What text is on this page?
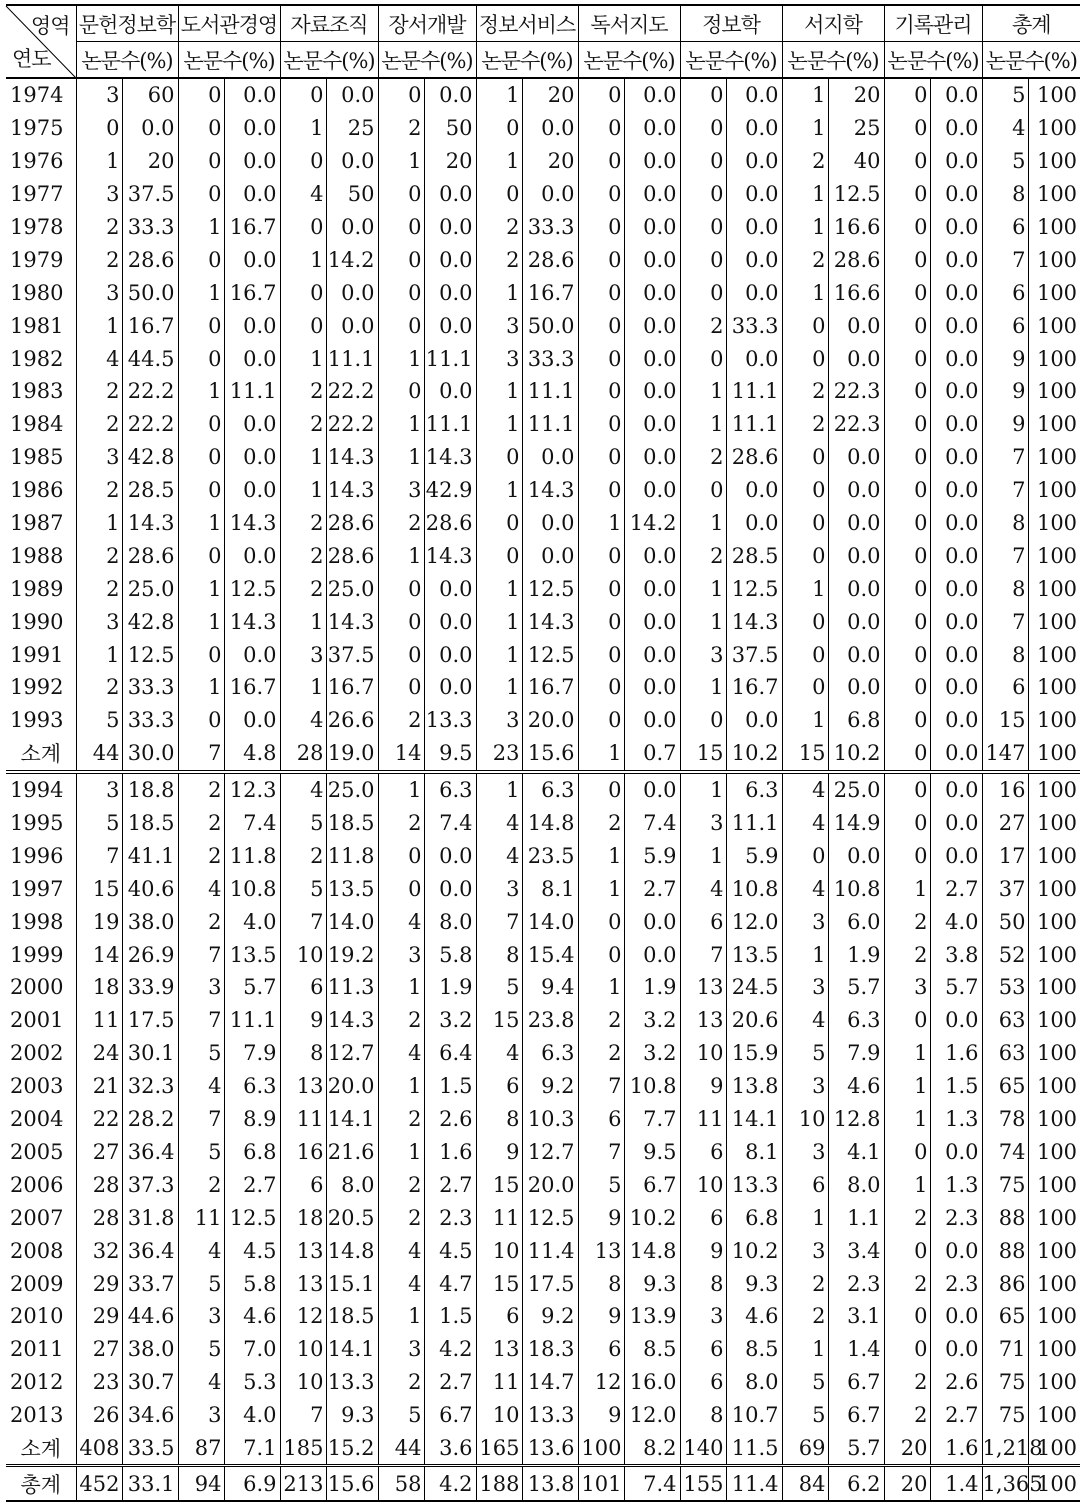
영역
연도	문헌정보학		도서관경영		자료조직		장서개발		정보서비스		독서지도		정보학		서지학		기록관리		총계	
	논문수(%)		논문수(%)		논문수(%)		논문수(%)		논문수(%)		논문수(%)		논문수(%)		논문수(%)		논문수(%)		논문수(%)	
1974	3	60	0	0.0	0	0.0	0	0.0	1	20	0	0.0	0	0.0	1	20	0	0.0	5	100
1975	0	0.0	0	0.0	1	25	2	50	0	0.0	0	0.0	0	0.0	1	25	0	0.0	4	100
1976	1	20	0	0.0	0	0.0	1	20	1	20	0	0.0	0	0.0	2	40	0	0.0	5	100
1977	3	37.5	0	0.0	4	50	0	0.0	0	0.0	0	0.0	0	0.0	1	12.5	0	0.0	8	100
1978	2	33.3	1	16.7	0	0.0	0	0.0	2	33.3	0	0.0	0	0.0	1	16.6	0	0.0	6	100
1979	2	28.6	0	0.0	1	14.2	0	0.0	2	28.6	0	0.0	0	0.0	2	28.6	0	0.0	7	100
1980	3	50.0	1	16.7	0	0.0	0	0.0	1	16.7	0	0.0	0	0.0	1	16.6	0	0.0	6	100
1981	1	16.7	0	0.0	0	0.0	0	0.0	3	50.0	0	0.0	2	33.3	0	0.0	0	0.0	6	100
1982	4	44.5	0	0.0	1	11.1	1	11.1	3	33.3	0	0.0	0	0.0	0	0.0	0	0.0	9	100
1983	2	22.2	1	11.1	2	22.2	0	0.0	1	11.1	0	0.0	1	11.1	2	22.3	0	0.0	9	100
1984	2	22.2	0	0.0	2	22.2	1	11.1	1	11.1	0	0.0	1	11.1	2	22.3	0	0.0	9	100
1985	3	42.8	0	0.0	1	14.3	1	14.3	0	0.0	0	0.0	2	28.6	0	0.0	0	0.0	7	100
1986	2	28.5	0	0.0	1	14.3	3	42.9	1	14.3	0	0.0	0	0.0	0	0.0	0	0.0	7	100
1987	1	14.3	1	14.3	2	28.6	2	28.6	0	0.0	1	14.2	1	0.0	0	0.0	0	0.0	8	100
1988	2	28.6	0	0.0	2	28.6	1	14.3	0	0.0	0	0.0	2	28.5	0	0.0	0	0.0	7	100
1989	2	25.0	1	12.5	2	25.0	0	0.0	1	12.5	0	0.0	1	12.5	1	0.0	0	0.0	8	100
1990	3	42.8	1	14.3	1	14.3	0	0.0	1	14.3	0	0.0	1	14.3	0	0.0	0	0.0	7	100
1991	1	12.5	0	0.0	3	37.5	0	0.0	1	12.5	0	0.0	3	37.5	0	0.0	0	0.0	8	100
1992	2	33.3	1	16.7	1	16.7	0	0.0	1	16.7	0	0.0	1	16.7	0	0.0	0	0.0	6	100
1993	5	33.3	0	0.0	4	26.6	2	13.3	3	20.0	0	0.0	0	0.0	1	6.8	0	0.0	15	100
소계	44	30.0	7	4.8	28	19.0	14	9.5	23	15.6	1	0.7	15	10.2	15	10.2	0	0.0	147	100
1994	3	18.8	2	12.3	4	25.0	1	6.3	1	6.3	0	0.0	1	6.3	4	25.0	0	0.0	16	100
1995	5	18.5	2	7.4	5	18.5	2	7.4	4	14.8	2	7.4	3	11.1	4	14.9	0	0.0	27	100
1996	7	41.1	2	11.8	2	11.8	0	0.0	4	23.5	1	5.9	1	5.9	0	0.0	0	0.0	17	100
1997	15	40.6	4	10.8	5	13.5	0	0.0	3	8.1	1	2.7	4	10.8	4	10.8	1	2.7	37	100
1998	19	38.0	2	4.0	7	14.0	4	8.0	7	14.0	0	0.0	6	12.0	3	6.0	2	4.0	50	100
1999	14	26.9	7	13.5	10	19.2	3	5.8	8	15.4	0	0.0	7	13.5	1	1.9	2	3.8	52	100
2000	18	33.9	3	5.7	6	11.3	1	1.9	5	9.4	1	1.9	13	24.5	3	5.7	3	5.7	53	100
2001	11	17.5	7	11.1	9	14.3	2	3.2	15	23.8	2	3.2	13	20.6	4	6.3	0	0.0	63	100
2002	24	30.1	5	7.9	8	12.7	4	6.4	4	6.3	2	3.2	10	15.9	5	7.9	1	1.6	63	100
2003	21	32.3	4	6.3	13	20.0	1	1.5	6	9.2	7	10.8	9	13.8	3	4.6	1	1.5	65	100
2004	22	28.2	7	8.9	11	14.1	2	2.6	8	10.3	6	7.7	11	14.1	10	12.8	1	1.3	78	100
2005	27	36.4	5	6.8	16	21.6	1	1.6	9	12.7	7	9.5	6	8.1	3	4.1	0	0.0	74	100
2006	28	37.3	2	2.7	6	8.0	2	2.7	15	20.0	5	6.7	10	13.3	6	8.0	1	1.3	75	100
2007	28	31.8	11	12.5	18	20.5	2	2.3	11	12.5	9	10.2	6	6.8	1	1.1	2	2.3	88	100
2008	32	36.4	4	4.5	13	14.8	4	4.5	10	11.4	13	14.8	9	10.2	3	3.4	0	0.0	88	100
2009	29	33.7	5	5.8	13	15.1	4	4.7	15	17.5	8	9.3	8	9.3	2	2.3	2	2.3	86	100
2010	29	44.6	3	4.6	12	18.5	1	1.5	6	9.2	9	13.9	3	4.6	2	3.1	0	0.0	65	100
2011	27	38.0	5	7.0	10	14.1	3	4.2	13	18.3	6	8.5	6	8.5	1	1.4	0	0.0	71	100
2012	23	30.7	4	5.3	10	13.3	2	2.7	11	14.7	12	16.0	6	8.0	5	6.7	2	2.6	75	100
2013	26	34.6	3	4.0	7	9.3	5	6.7	10	13.3	9	12.0	8	10.7	5	6.7	2	2.7	75	100
소계	408	33.5	87	7.1	185	15.2	44	3.6	165	13.6	100	8.2	140	11.5	69	5.7	20	1.6	1,218	100
총계	452	33.1	94	6.9	213	15.6	58	4.2	188	13.8	101	7.4	155	11.4	84	6.2	20	1.4	1,365	100
